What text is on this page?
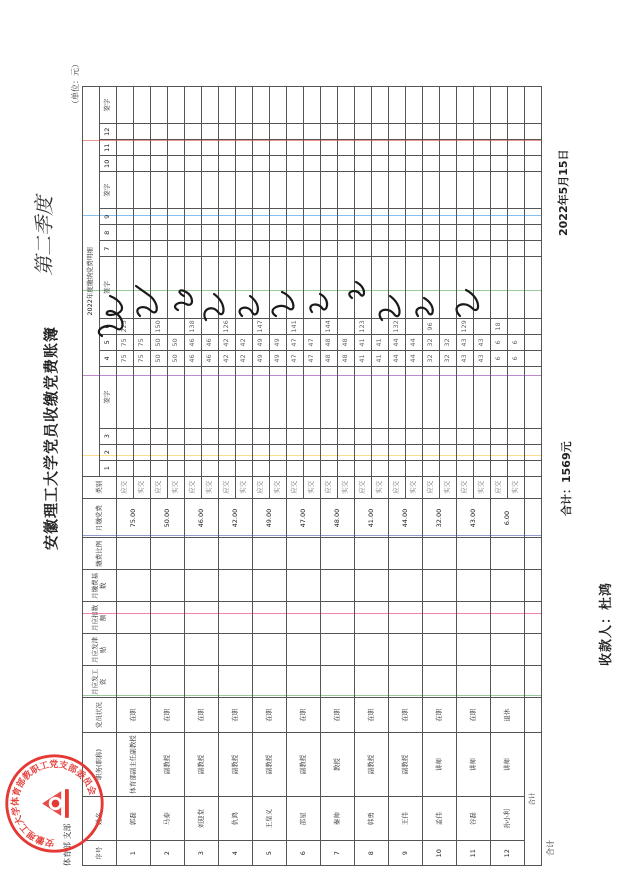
安徽理工大学党员收缴党费账簿
第二季度
（单位：元）
体育部 支部
序号	姓名	职务(职称)	党员状况	月应发工资	月应发津贴	月应扣数额	月缴费基数	缴费比例	月缴党费	类别	2022年度缴纳党费明细															
											1	2	3	签字	4	5	6	签字	7	8	9	签字	10	11	12	签字
1	郭磊	体育部副主任副教授	在职						75.00	应交					75	75	225									
										实交					75	75										
2	马泰	副教授	在职						50.00	应交					50	50	150									
										实交					50	50										
3	刘迎堂	副教授	在职						46.00	应交					46	46	138									
										实交					46	46										
4	仇鸿	副教授	在职						42.00	应交					42	42	126									
										实交					42	42										
5	王皇义	副教授	在职						49.00	应交					49	49	147									
										实交					49	49										
6	邵星	副教授	在职						47.00	应交					47	47	141									
										实交					47	47										
7	秦帅	教授	在职						48.00	应交					48	48	144									
										实交					48	48										
8	韩勇	副教授	在职						41.00	应交					41	41	123									
										实交					41	41										
9	王伟	副教授	在职						44.00	应交					44	44	132									
										实交					44	44										
10	孟伟	讲师	在职						32.00	应交					32	32	96									
										实交					32	32										
11	谷磊	讲师	在职						43.00	应交					43	43	129									
										实交					43	43										
12	孙小利	讲师	退休						6.00	应交					6	6	18									
										实交					6	6										
合计																										
合计
合计：1569元
2022年5月15日
收款人：杜鸿
安徽理工大学体育部教职工党支部委员会
